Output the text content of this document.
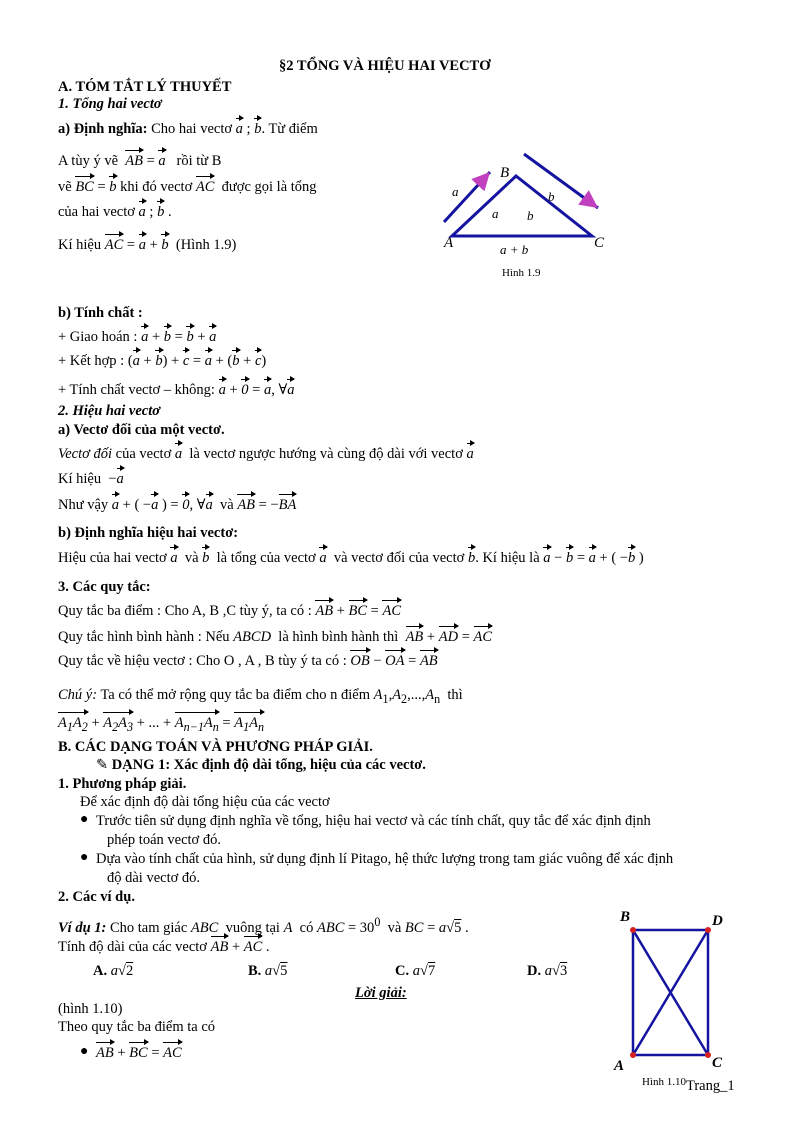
§2 TỔNG VÀ HIỆU HAI VECTƠ
A. TÓM TẮT LÝ THUYẾT
1. Tổng hai vectơ
a) Định nghĩa: Cho hai vectơ a ; b. Từ điểm
A tùy ý vẽ AB = a rồi từ B
vẽ BC = b khi đó vectơ AC được gọi là tổng
của hai vectơ a ; b .
Kí hiệu AC = a + b (Hình 1.9)
B
A	C
a
a b
b
a + b
Hình 1.9
b) Tính chất :
+ Giao hoán : a + b = b + a
+ Kết hợp : (a + b) + c = a + (b + c)
+ Tính chất vectơ – không: a + 0 = a, ∀a
2. Hiệu hai vectơ
a) Vectơ đối của một vectơ.
Vectơ đối của vectơ a là vectơ ngược hướng và cùng độ dài với vectơ a
Kí hiệu  −a
Như vậy a + ( −a ) = 0, ∀a và AB = −BA
b) Định nghĩa hiệu hai vectơ:
Hiệu của hai vectơ a và b là tổng của vectơ a và vectơ đối của vectơ b. Kí hiệu là a − b = a + ( −b )
3. Các quy tắc:
Quy tắc ba điểm : Cho A, B ,C tùy ý, ta có : AB + BC = AC
Quy tắc hình bình hành : Nếu ABCD là hình bình hành thì AB + AD = AC
Quy tắc về hiệu vectơ : Cho O , A , B tùy ý ta có : OB − OA = AB
Chú ý: Ta có thể mở rộng quy tắc ba điểm cho n điểm $A_1,A_2,...,A_n$ thì
$A_1A_2 + A_2A_3$ + ... + $A_{n-1}A_n = A_1A_n$
B. CÁC DẠNG TOÁN VÀ PHƯƠNG PHÁP GIẢI.
✎ DẠNG 1: Xác định độ dài tổng, hiệu của các vectơ.
1. Phương pháp giải.
Để xác định độ dài tổng hiệu của các vectơ
● Trước tiên sử dụng định nghĩa về tổng, hiệu hai vectơ và các tính chất, quy tắc để xác định định
phép toán vectơ đó.
● Dựa vào tính chất của hình, sử dụng định lí Pitago, hệ thức lượng trong tam giác vuông để xác định
độ dài vectơ đó.
2. Các ví dụ.
Ví dụ 1: Cho tam giác ABC vuông tại A có ABC = $30^0$ và BC = a√5 .
Tính độ dài của các vectơ AB + AC .
A. a√2	B. a√5	C. a√7	D. a√3
Lời giải:
(hình 1.10)
Theo quy tắc ba điểm ta có
● AB + BC = AC
B	D
A	C
Hình 1.10 Trang_1
